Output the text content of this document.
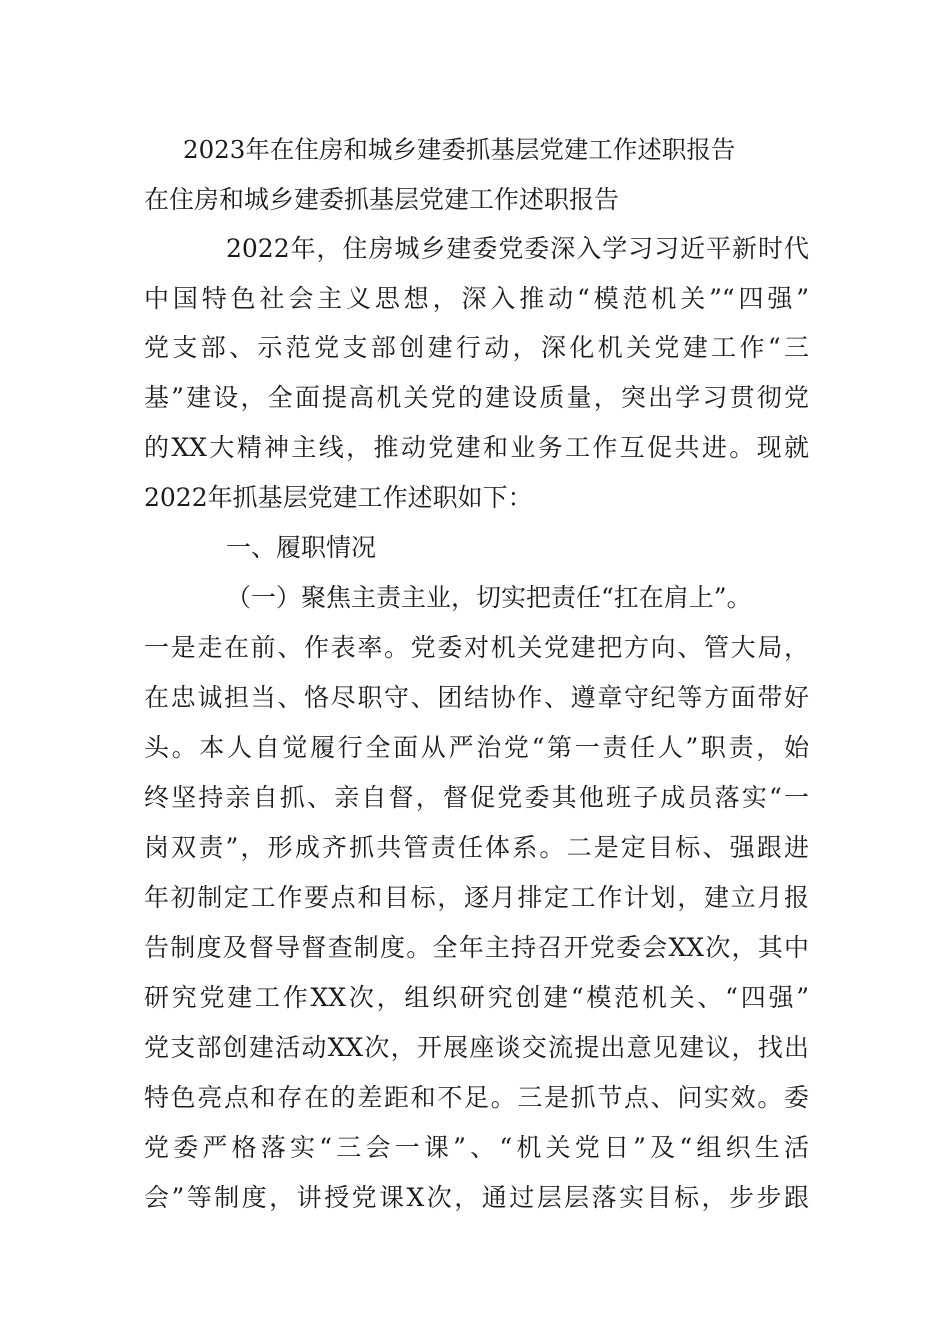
2023年在住房和城乡建委抓基层党建工作述职报告
在住房和城乡建委抓基层党建工作述职报告
2022年，住房城乡建委党委深入学习习近平新时代
中国特色社会主义思想，深入推动“模范机关”“四强”
党支部、示范党支部创建行动，深化机关党建工作“三
基”建设，全面提高机关党的建设质量，突出学习贯彻党
的XX大精神主线，推动党建和业务工作互促共进。现就
2022年抓基层党建工作述职如下：
一、履职情况
（一）聚焦主责主业，切实把责任“扛在肩上”。
一是走在前、作表率。党委对机关党建把方向、管大局，
在忠诚担当、恪尽职守、团结协作、遵章守纪等方面带好
头。本人自觉履行全面从严治党“第一责任人”职责，始
终坚持亲自抓、亲自督，督促党委其他班子成员落实“一
岗双责”，形成齐抓共管责任体系。二是定目标、强跟进
年初制定工作要点和目标，逐月排定工作计划，建立月报
告制度及督导督查制度。全年主持召开党委会XX次，其中
研究党建工作XX次，组织研究创建“模范机关、“四强”
党支部创建活动XX次，开展座谈交流提出意见建议，找出
特色亮点和存在的差距和不足。三是抓节点、问实效。委
党委严格落实“三会一课”、“机关党日”及“组织生活
会”等制度，讲授党课X次，通过层层落实目标，步步跟
